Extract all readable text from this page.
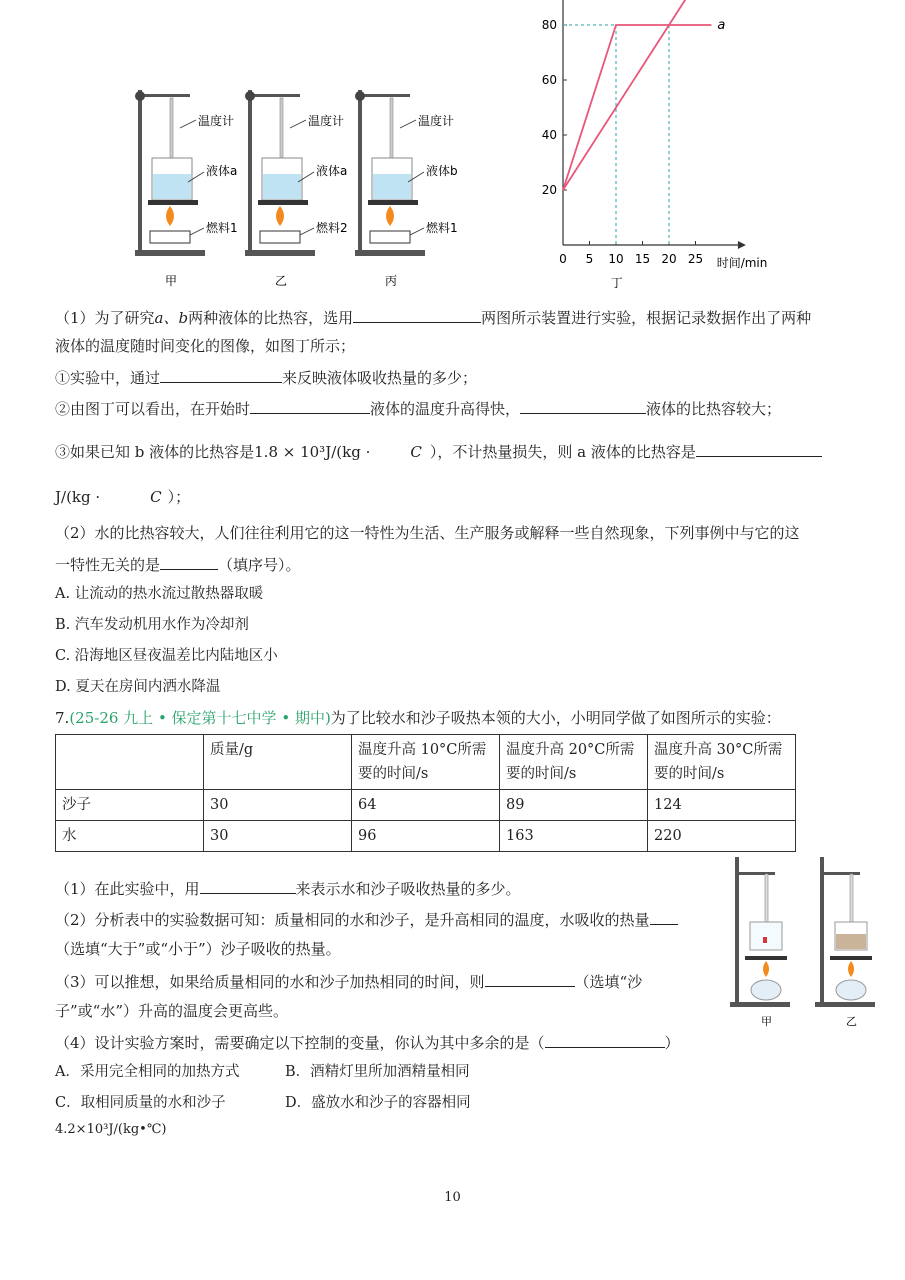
温度计
液体a
燃料1
甲
温度计
液体a
燃料2
乙
温度计
液体b
燃料1
丙
时间/min
0 5 10 15 20 25
20
40
60
80	a
丁
（1）为了研究𝑎、𝑏两种液体的比热容，选用	两图所示装置进行实验，根据记录数据作出了两种
液体的温度随时间变化的图像，如图丁所示；
①实验中，通过	来反映液体吸收热量的多少；
②由图丁可以看出，在开始时	液体的温度升高得快，	液体的比热容较大；
③如果已知 b 液体的比热容是1.8 × 10³J/(kg ·	𝐶 ），不计热量损失，则 a 液体的比热容是
J/(kg ·	𝐶 ）；
（2）水的比热容较大，人们往往利用它的这一特性为生活、生产服务或解释一些自然现象，下列事例中与它的这
一特性无关的是	（填序号）。
A. 让流动的热水流过散热器取暖
B. 汽车发动机用水作为冷却剂
C. 沿海地区昼夜温差比内陆地区小
D. 夏天在房间内洒水降温
7.(25-26 九上 • 保定第十七中学 • 期中)为了比较水和沙子吸热本领的大小，小明同学做了如图所示的实验：
	质量/g	温度升高 10°C所需要的时间/s	温度升高 20°C所需要的时间/s	温度升高 30°C所需要的时间/s
沙子	30	64	89	124
水	30	96	163	220
（1）在此实验中，用	来表示水和沙子吸收热量的多少。
（2）分析表中的实验数据可知：质量相同的水和沙子，是升高相同的温度，水吸收的热量
（选填“大于”或“小于”）沙子吸收的热量。
（3）可以推想，如果给质量相同的水和沙子加热相同的时间，则	（选填“沙
子”或“水”）升高的温度会更高些。
（4）设计实验方案时，需要确定以下控制的变量，你认为其中多余的是（	）
A．采用完全相同的加热方式	B．酒精灯里所加酒精量相同
C．取相同质量的水和沙子	D．盛放水和沙子的容器相同
4.2×10³J/(kg•℃)
甲	乙
10
